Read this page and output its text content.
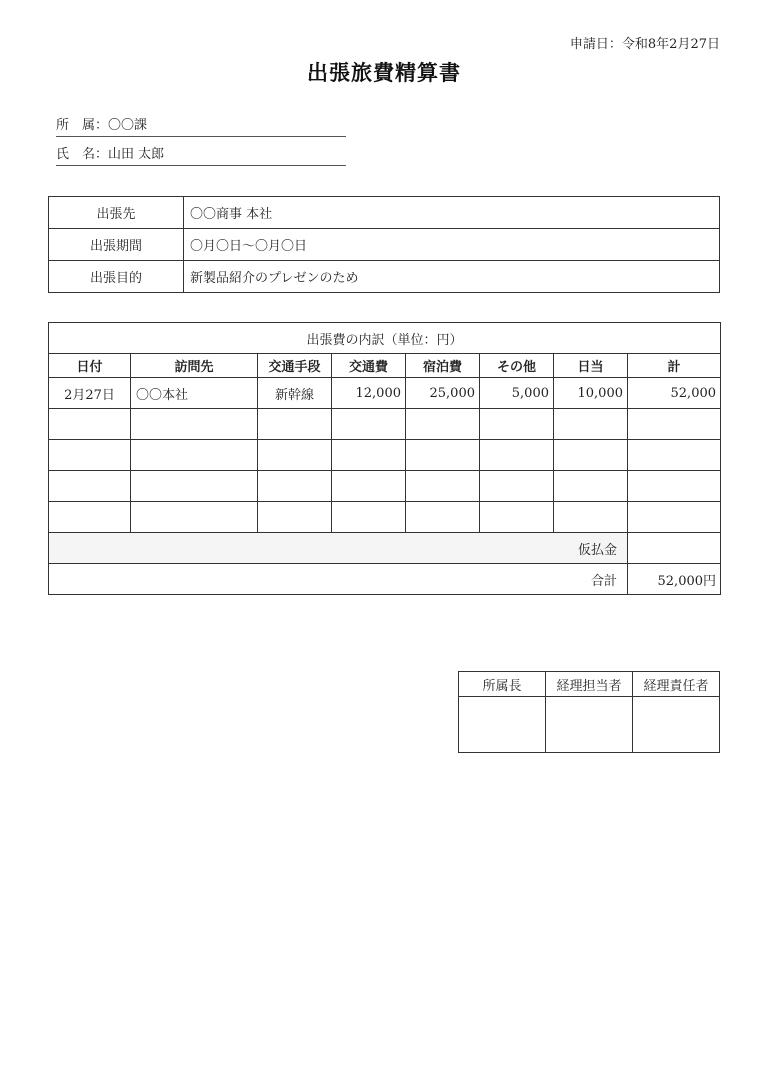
申請日：令和8年2月27日
出張旅費精算書
所　属：〇〇課
氏　名：山田 太郎
出張先	〇〇商事 本社
出張期間	〇月〇日～〇月〇日
出張目的	新製品紹介のプレゼンのため
出張費の内訳（単位：円）							
日付	訪問先	交通手段	交通費	宿泊費	その他	日当	計
2月27日	〇〇本社	新幹線	12,000	25,000	5,000	10,000	52,000

仮払金							
合計							52,000円
所属長	経理担当者	経理責任者
